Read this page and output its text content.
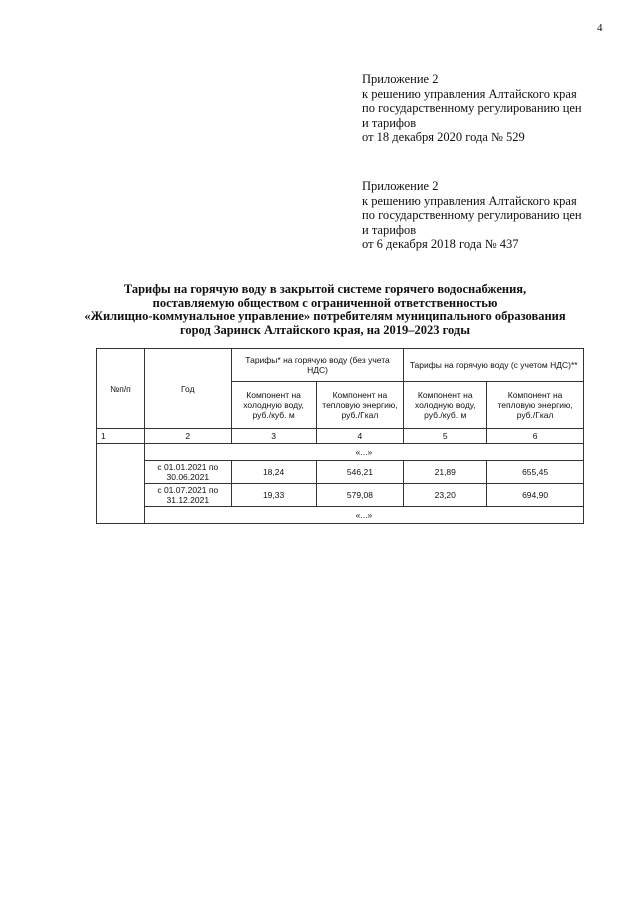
4
Приложение 2
к решению управления Алтайского края
по государственному регулированию цен
и тарифов
от 18 декабря 2020 года № 529
Приложение 2
к решению управления Алтайского края
по государственному регулированию цен
и тарифов
от 6 декабря 2018 года № 437
Тарифы на горячую воду в закрытой системе горячего водоснабжения,
поставляемую обществом с ограниченной ответственностью
«Жилищно-коммунальное управление» потребителям муниципального образования
город Заринск Алтайского края, на 2019–2023 годы
№п/п	Год	Тарифы* на горячую воду (без учета НДС)		Тарифы на горячую воду (с учетом НДС)**	
		Компонент на холодную воду, руб./куб. м	Компонент на тепловую энергию, руб./Гкал	Компонент на холодную воду, руб./куб. м	Компонент на тепловую энергию, руб./Гкал
1	2	3	4	5	6
	«...»				
	с 01.01.2021 по 30.06.2021	18,24	546,21	21,89	655,45
	с 01.07.2021 по 31.12.2021	19,33	579,08	23,20	694,90
	«...»				
